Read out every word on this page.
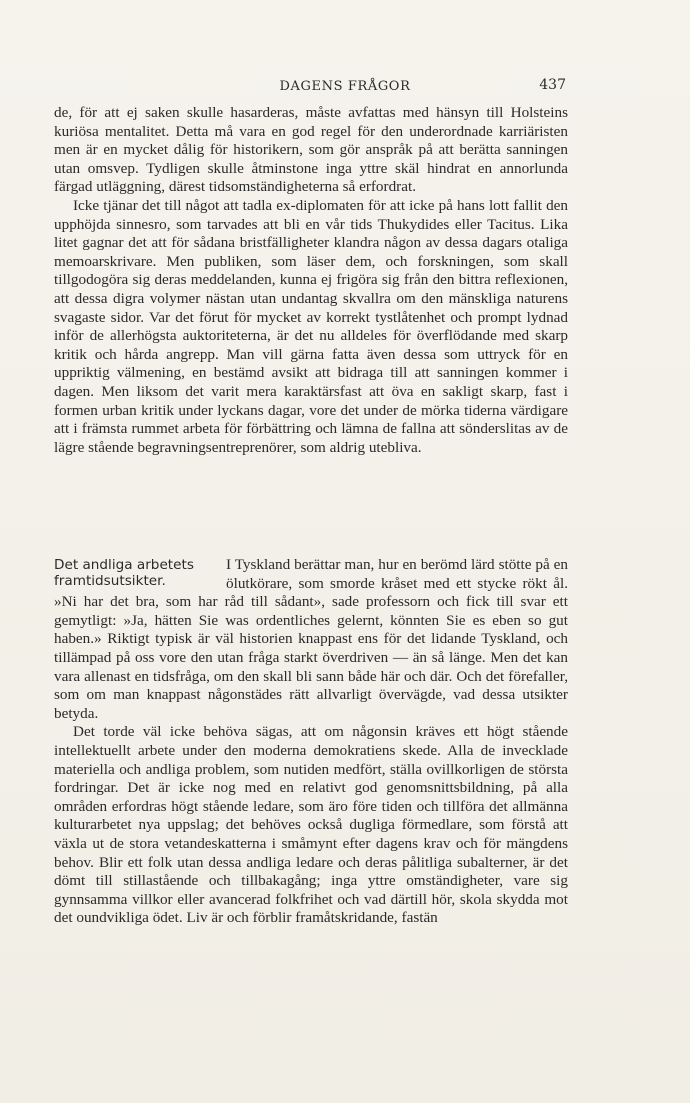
DAGENS FRÅGOR	437

de, för att ej saken skulle hasarderas, måste avfattas med hänsyn till Holsteins kuriösa mentalitet. Detta må vara en god regel för den underordnade karriäristen men är en mycket dålig för historikern, som gör anspråk på att berätta sanningen utan omsvep. Tydligen skulle åtminstone inga yttre skäl hindrat en annorlunda färgad utläggning, därest tidsomständigheterna så erfordrat.

Icke tjänar det till något att tadla ex-diplomaten för att icke på hans lott fallit den upphöjda sinnesro, som tarvades att bli en vår tids Thukydides eller Tacitus. Lika litet gagnar det att för sådana bristfälligheter klandra någon av dessa dagars otaliga memoarskrivare. Men publiken, som läser dem, och forskningen, som skall tillgodogöra sig deras meddelanden, kunna ej frigöra sig från den bittra reflexionen, att dessa digra volymer nästan utan undantag skvallra om den mänskliga naturens svagaste sidor. Var det förut för mycket av korrekt tystlåtenhet och prompt lydnad inför de allerhögsta auktoriteterna, är det nu alldeles för överflödande med skarp kritik och hårda angrepp. Man vill gärna fatta även dessa som uttryck för en uppriktig välmening, en bestämd avsikt att bidraga till att sanningen kommer i dagen. Men liksom det varit mera karaktärsfast att öva en sakligt skarp, fast i formen urban kritik under lyckans dagar, vore det under de mörka tiderna värdigare att i främsta rummet arbeta för förbättring och lämna de fallna att sönderslitas av de lägre stående begravningsentreprenörer, som aldrig utebliva.

Det andliga arbetets framtidsutsikter.

I Tyskland berättar man, hur en berömd lärd stötte på en ölutkörare, som smorde kråset med ett stycke rökt ål. »Ni har det bra, som har råd till sådant», sade professorn och fick till svar ett gemytligt: »Ja, hätten Sie was ordentliches gelernt, könnten Sie es eben so gut haben.» Riktigt typisk är väl historien knappast ens för det lidande Tyskland, och tillämpad på oss vore den utan fråga starkt överdriven — än så länge. Men det kan vara allenast en tidsfråga, om den skall bli sann både här och där. Och det förefaller, som om man knappast någonstädes rätt allvarligt övervägde, vad dessa utsikter betyda.

Det torde väl icke behöva sägas, att om någonsin kräves ett högt stående intellektuellt arbete under den moderna demokratiens skede. Alla de invecklade materiella och andliga problem, som nutiden medfört, ställa ovillkorligen de största fordringar. Det är icke nog med en relativt god genomsnittsbildning, på alla områden erfordras högt stående ledare, som äro före tiden och tillföra det allmänna kulturarbetet nya uppslag; det behöves också dugliga förmedlare, som förstå att växla ut de stora vetandeskatterna i småmynt efter dagens krav och för mängdens behov. Blir ett folk utan dessa andliga ledare och deras pålitliga subalterner, är det dömt till stillastående och tillbakagång; inga yttre omständigheter, vare sig gynnsamma villkor eller avancerad folkfrihet och vad därtill hör, skola skydda mot det oundvikliga ödet. Liv är och förblir framåtskridande, fastän
